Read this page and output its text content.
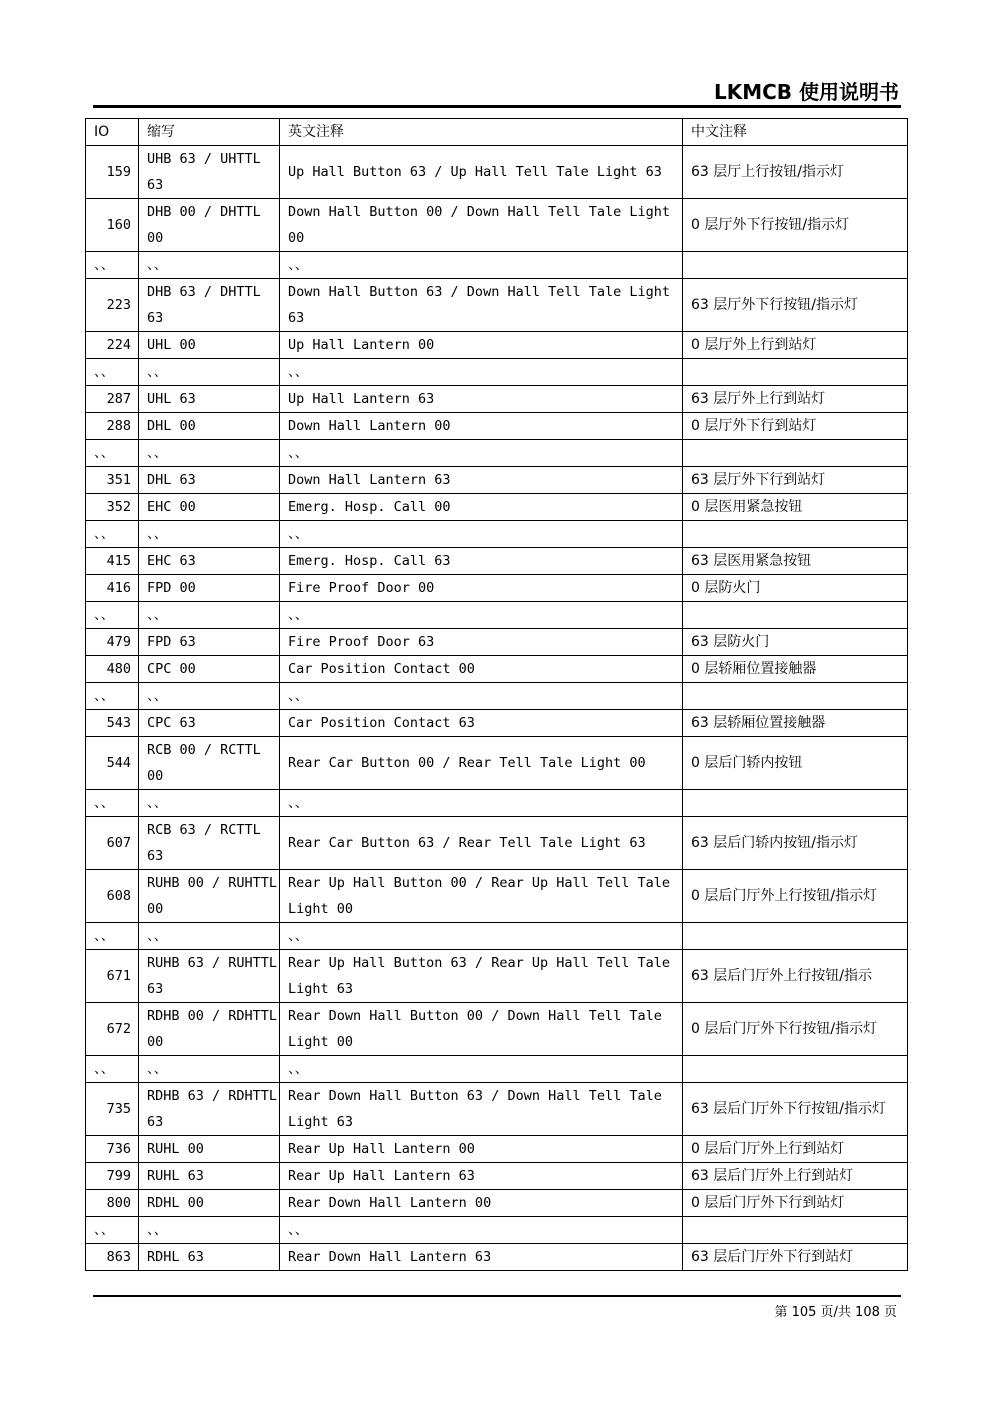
LKMCB 使用说明书
IO	缩写	英文注释	中文注释
159	UHB 63 / UHTTL 63	Up Hall Button 63 / Up Hall Tell Tale Light 63	63 层厅上行按钮/指示灯
160	DHB 00 / DHTTL 00	Down Hall Button 00 / Down Hall Tell Tale Light 00	0 层厅外下行按钮/指示灯
、、	、、	、、	
223	DHB 63 / DHTTL 63	Down Hall Button 63 / Down Hall Tell Tale Light 63	63 层厅外下行按钮/指示灯
224	UHL 00	Up Hall Lantern 00	0 层厅外上行到站灯
、、	、、	、、	
287	UHL 63	Up Hall Lantern 63	63 层厅外上行到站灯
288	DHL 00	Down Hall Lantern 00	0 层厅外下行到站灯
、、	、、	、、	
351	DHL 63	Down Hall Lantern 63	63 层厅外下行到站灯
352	EHC 00	Emerg. Hosp. Call 00	0 层医用紧急按钮
、、	、、	、、	
415	EHC 63	Emerg. Hosp. Call 63	63 层医用紧急按钮
416	FPD 00	Fire Proof Door 00	0 层防火门
、、	、、	、、	
479	FPD 63	Fire Proof Door 63	63 层防火门
480	CPC 00	Car Position Contact 00	0 层轿厢位置接触器
、、	、、	、、	
543	CPC 63	Car Position Contact 63	63 层轿厢位置接触器
544	RCB 00 / RCTTL 00	Rear Car Button 00 / Rear Tell Tale Light 00	0 层后门轿内按钮
、、	、、	、、	
607	RCB 63 / RCTTL 63	Rear Car Button 63 / Rear Tell Tale Light 63	63 层后门轿内按钮/指示灯
608	RUHB 00 / RUHTTL 00	Rear Up Hall Button 00 / Rear Up Hall Tell Tale Light 00	0 层后门厅外上行按钮/指示灯
、、	、、	、、	
671	RUHB 63 / RUHTTL 63	Rear Up Hall Button 63 / Rear Up Hall Tell Tale Light 63	63 层后门厅外上行按钮/指示
672	RDHB 00 / RDHTTL 00	Rear Down Hall Button 00 / Down Hall Tell Tale Light 00	0 层后门厅外下行按钮/指示灯
、、	、、	、、	
735	RDHB 63 / RDHTTL 63	Rear Down Hall Button 63 / Down Hall Tell Tale Light 63	63 层后门厅外下行按钮/指示灯
736	RUHL 00	Rear Up Hall Lantern 00	0 层后门厅外上行到站灯
799	RUHL 63	Rear Up Hall Lantern 63	63 层后门厅外上行到站灯
800	RDHL 00	Rear Down Hall Lantern 00	0 层后门厅外下行到站灯
、、	、、	、、	
863	RDHL 63	Rear Down Hall Lantern 63	63 层后门厅外下行到站灯
第 105 页/共 108 页
